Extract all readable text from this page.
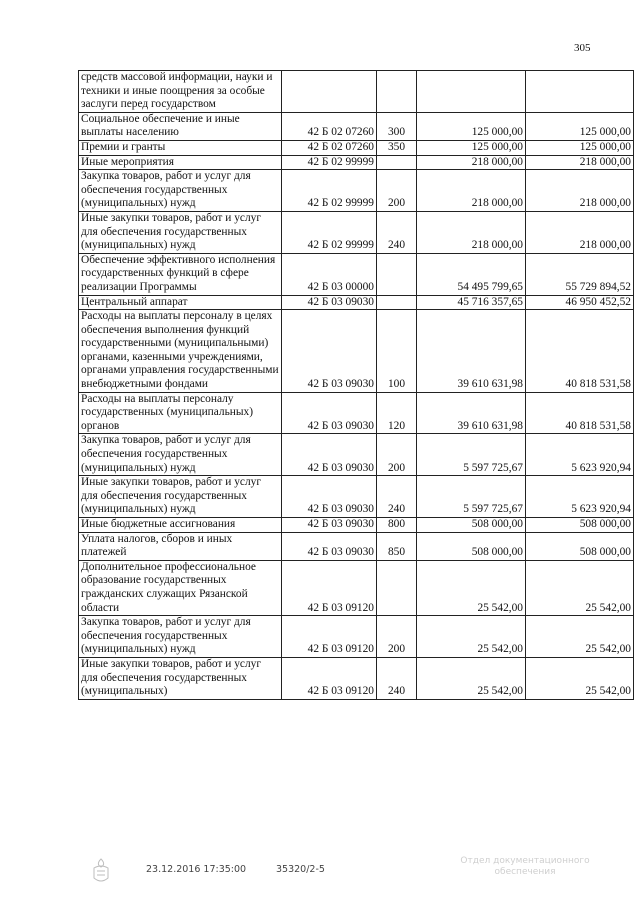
305
средств массовой информации, науки и техники и иные поощрения за особые заслуги перед государством				
Социальное обеспечение и иные выплаты населению	42 Б 02 07260	300	125 000,00	125 000,00
Премии и гранты	42 Б 02 07260	350	125 000,00	125 000,00
Иные мероприятия	42 Б 02 99999		218 000,00	218 000,00
Закупка товаров, работ и услуг для обеспечения государственных (муниципальных) нужд	42 Б 02 99999	200	218 000,00	218 000,00
Иные закупки товаров, работ и услуг для обеспечения государственных (муниципальных) нужд	42 Б 02 99999	240	218 000,00	218 000,00
Обеспечение эффективного исполнения государственных функций в сфере реализации Программы	42 Б 03 00000		54 495 799,65	55 729 894,52
Центральный аппарат	42 Б 03 09030		45 716 357,65	46 950 452,52
Расходы на выплаты персоналу в целях обеспечения выполнения функций государственными (муниципальными) органами, казенными учреждениями, органами управления государственными внебюджетными фондами	42 Б 03 09030	100	39 610 631,98	40 818 531,58
Расходы на выплаты персоналу государственных (муниципальных) органов	42 Б 03 09030	120	39 610 631,98	40 818 531,58
Закупка товаров, работ и услуг для обеспечения государственных (муниципальных) нужд	42 Б 03 09030	200	5 597 725,67	5 623 920,94
Иные закупки товаров, работ и услуг для обеспечения государственных (муниципальных) нужд	42 Б 03 09030	240	5 597 725,67	5 623 920,94
Иные бюджетные ассигнования	42 Б 03 09030	800	508 000,00	508 000,00
Уплата налогов, сборов и иных платежей	42 Б 03 09030	850	508 000,00	508 000,00
Дополнительное профессиональное образование государственных гражданских служащих Рязанской области	42 Б 03 09120		25 542,00	25 542,00
Закупка товаров, работ и услуг для обеспечения государственных (муниципальных) нужд	42 Б 03 09120	200	25 542,00	25 542,00
Иные закупки товаров, работ и услуг для обеспечения государственных (муниципальных)	42 Б 03 09120	240	25 542,00	25 542,00
23.12.2016 17:35:00	35320/2-5
Отдел документационного обеспечения
